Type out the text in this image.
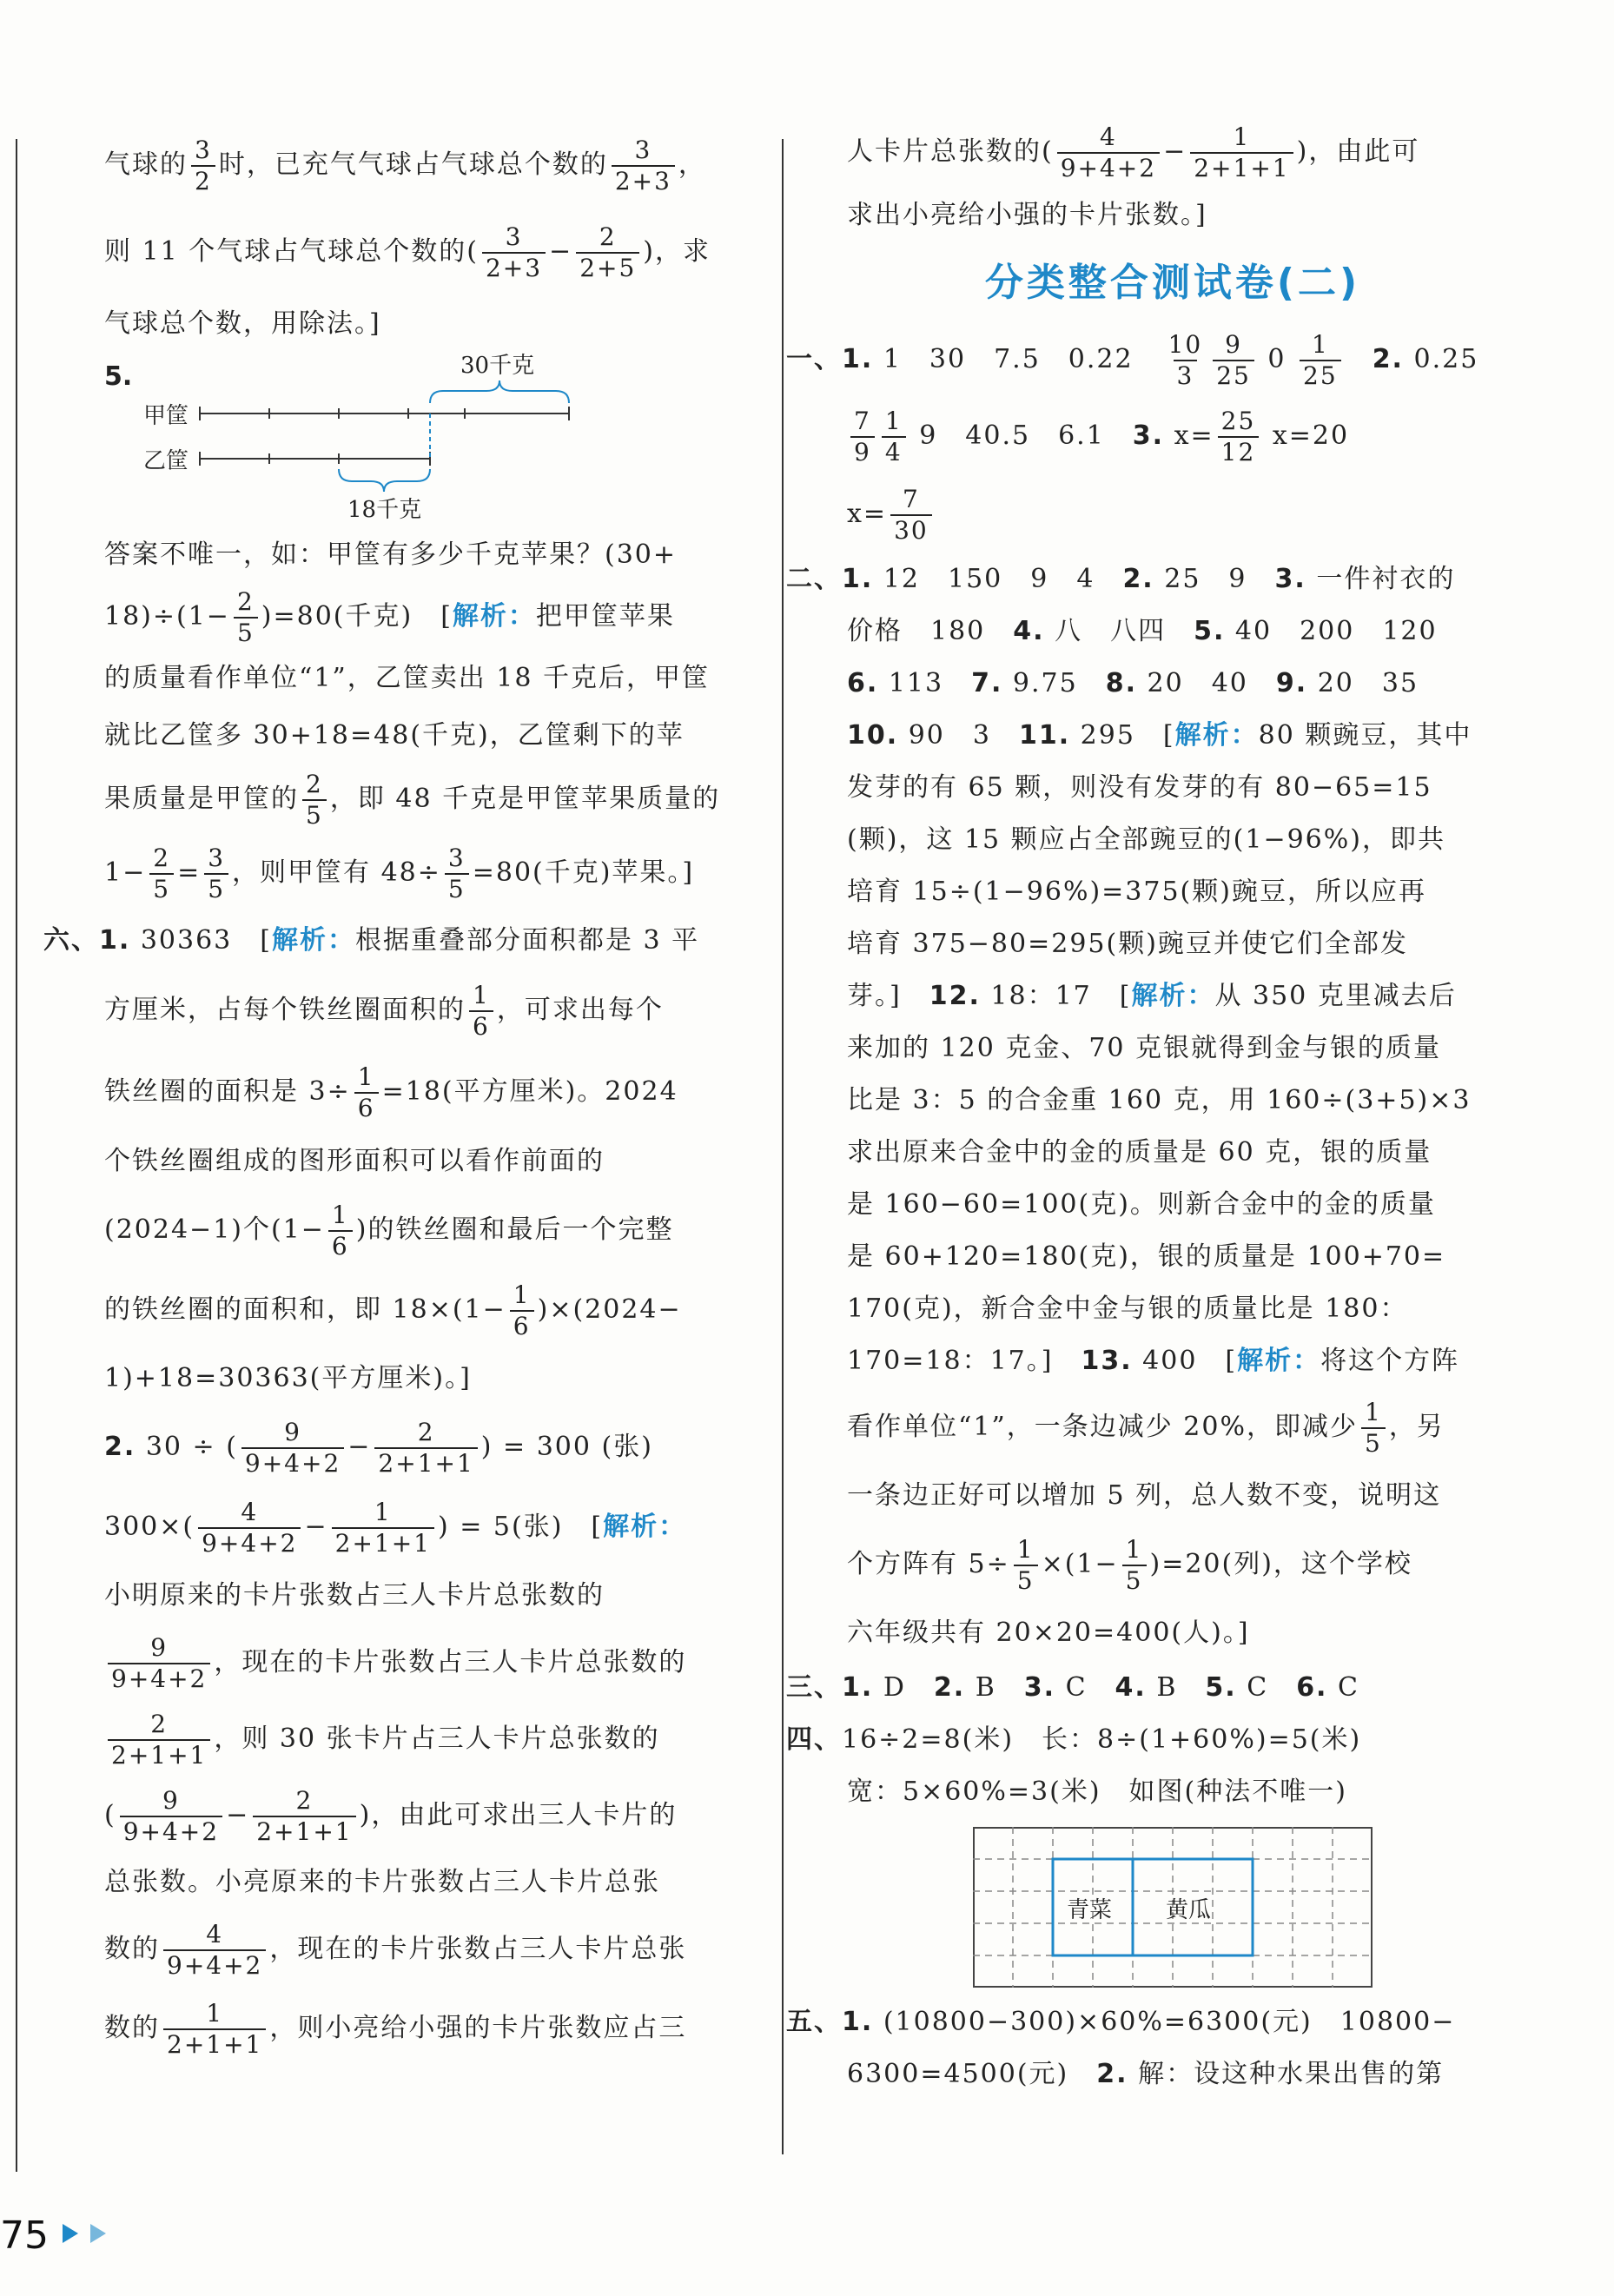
气球的 $\frac{3}{2}$ 时，已充气气球占气球总个数的 $\frac{3}{2+3}$ ，

则 11 个气球占气球总个数的( $\frac{3}{2+3} - \frac{2}{2+5}$ )，求

气球总个数，用除法。]

5.	30千克
甲筐
乙筐
18千克

答案不唯一，如：甲筐有多少千克苹果？(30+

$18)\div(1- \frac{2}{5} )=80$(千克)　[解析：把甲筐苹果

的质量看作单位“1”，乙筐卖出 18 千克后，甲筐

就比乙筐多 30+18=48(千克)，乙筐剩下的苹

果质量是甲筐的 $\frac{2}{5}$ ，即 48 千克是甲筐苹果质量的

$1- \frac{2}{5} = \frac{3}{5}$ ，则甲筐有 $48\div \frac{3}{5} =80$(千克)苹果。]

六、1. 30363　[解析：根据重叠部分面积都是 3 平

方厘米，占每个铁丝圈面积的 $\frac{1}{6}$ ，可求出每个

铁丝圈的面积是 $3\div \frac{1}{6} =18$(平方厘米)。2024

个铁丝圈组成的图形面积可以看作前面的

(2024−1)个($1- \frac{1}{6}$ )的铁丝圈和最后一个完整

的铁丝圈的面积和，即 $18\times(1- \frac{1}{6} )\times(2024-$

1)+18=30363(平方厘米)。]

2. 30 ÷ ( $\frac{9}{9+4+2} - \frac{2}{2+1+1}$ ) = 300 (张)

$300\times( \frac{4}{9+4+2} - \frac{1}{2+1+1}$ ) = 5(张)　[解析：

小明原来的卡片张数占三人卡片总张数的

$\frac{9}{9+4+2}$ ，现在的卡片张数占三人卡片总张数的

$\frac{2}{2+1+1}$ ，则 30 张卡片占三人卡片总张数的

( $\frac{9}{9+4+2} - \frac{2}{2+1+1}$ )，由此可求出三人卡片的

总张数。小亮原来的卡片张数占三人卡片总张

数的 $\frac{4}{9+4+2}$ ，现在的卡片张数占三人卡片总张

数的 $\frac{1}{2+1+1}$ ，则小亮给小强的卡片张数应占三

人卡片总张数的( $\frac{4}{9+4+2} - \frac{1}{2+1+1}$ )，由此可

求出小亮给小强的卡片张数。]

分类整合测试卷(二)

一、1. 1　30　7.5　0.22　 $\frac{10}{3} \frac{9}{25} 0 \frac{1}{25}$
　 2. 0.25

$\frac{7}{9} \frac{1}{4} 9$　40.5　6.1　3. $x= \frac{25}{12} x=20$

$x= \frac{7}{30}$

二、1. 12　150　9　4　2. 25　9　3. 一件衬衣的

价格　180　4. 八　八四　5. 40　200　120

6. 113　7. 9.75　8. 20　40　9. 20　35

10. 90　3　11. 295　[解析：80 颗豌豆，其中

发芽的有 65 颗，则没有发芽的有 80−65=15

(颗)，这 15 颗应占全部豌豆的(1−96%)，即共

培育 15÷(1−96%)=375(颗)豌豆，所以应再

培育 375−80=295(颗)豌豆并使它们全部发

芽。]　12. 18：17　[解析：从 350 克里减去后

来加的 120 克金、70 克银就得到金与银的质量

比是 3：5 的合金重 160 克，用 160÷(3+5)×3

求出原来合金中的金的质量是 60 克，银的质量

是 160−60=100(克)。则新合金中的金的质量

是 60+120=180(克)，银的质量是 100+70=

170(克)，新合金中金与银的质量比是 180：

170=18：17。]　13. 400　[解析：将这个方阵

看作单位“1”，一条边减少 20%，即减少 $\frac{1}{5}$ ，另

一条边正好可以增加 5 列，总人数不变，说明这

个方阵有 $5\div \frac{1}{5} \times(1- \frac{1}{5} )=20$(列)，这个学校

六年级共有 20×20=400(人)。]

三、1. D　2. B　3. C　4. B　5. C　6. C

四、16÷2=8(米)　长：8÷(1+60%)=5(米)

宽：5×60%=3(米)　如图(种法不唯一)

青菜 黄瓜

五、1. (10800−300)×60%=6300(元)　10800−

6300=4500(元)　2. 解：设这种水果出售的第

75
